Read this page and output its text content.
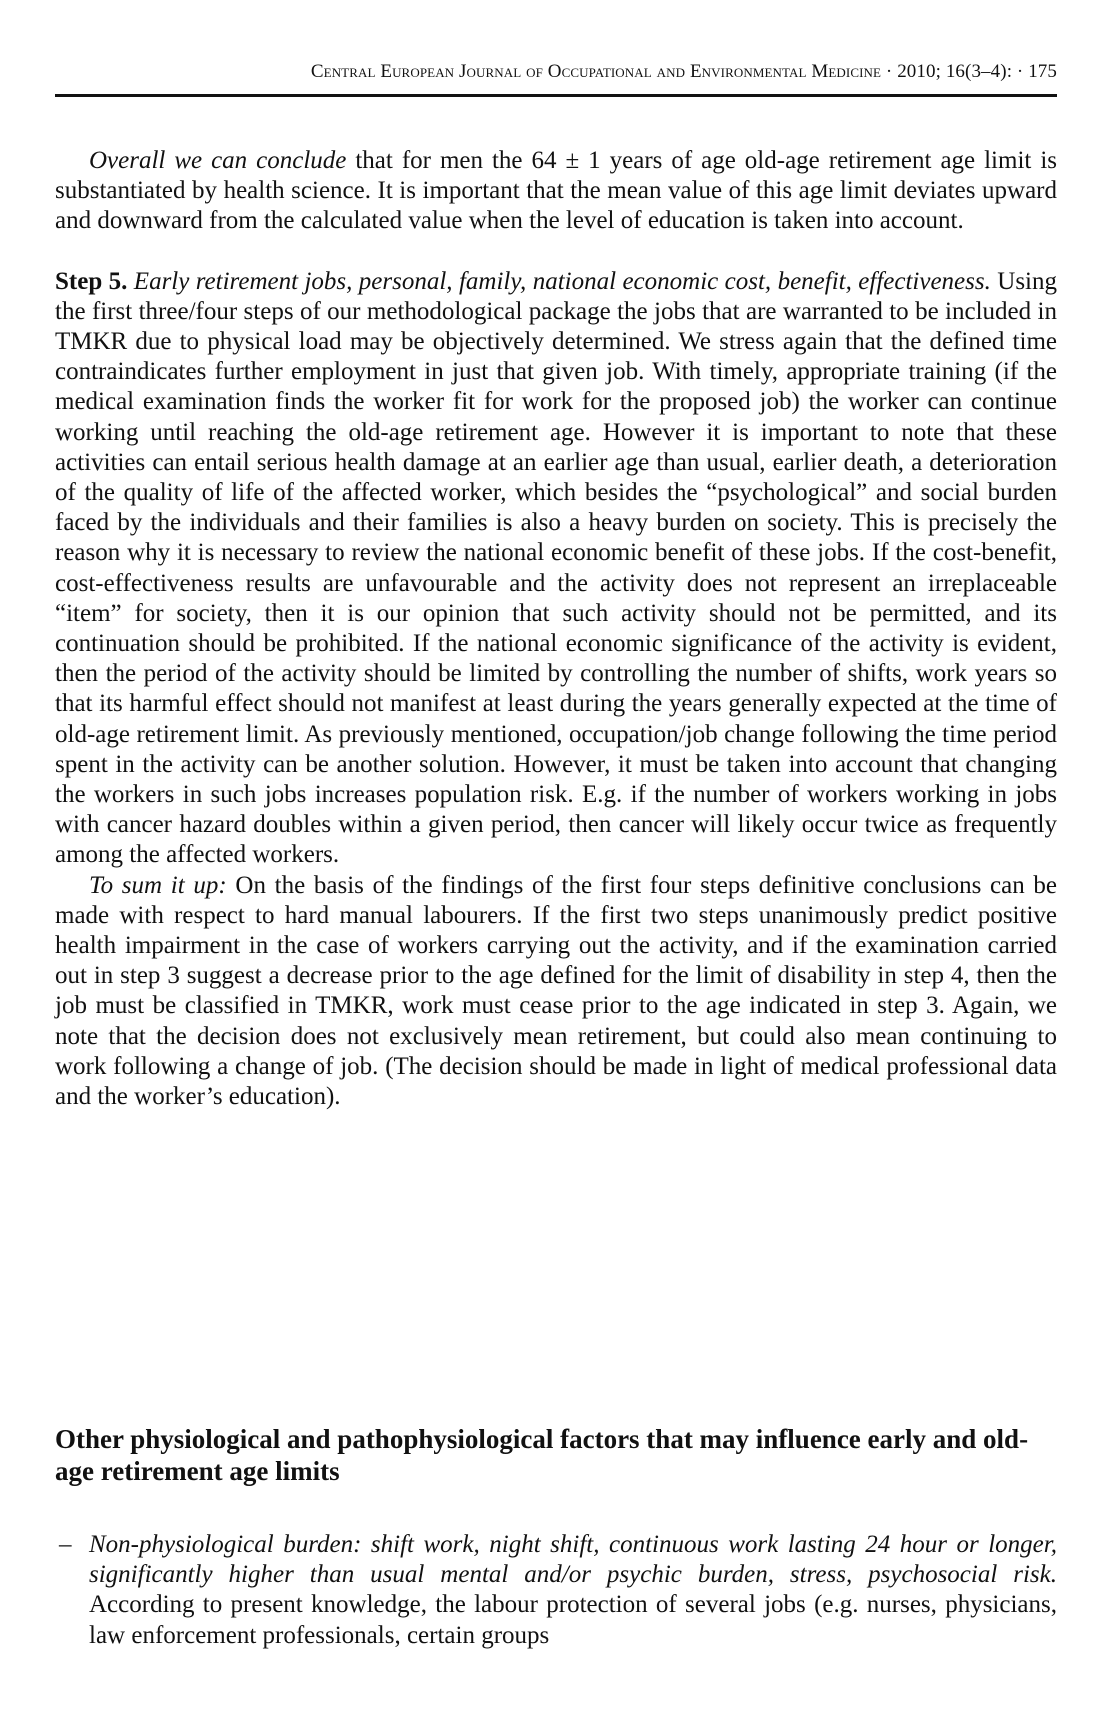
Central European Journal of Occupational and Environmental Medicine · 2010; 16(3–4): · 175

Overall we can conclude that for men the 64 ± 1 years of age old-age retirement age limit is substantiated by health science. It is important that the mean value of this age limit deviates upward and downward from the calculated value when the level of education is taken into account.

Step 5. Early retirement jobs, personal, family, national economic cost, benefit, effectiveness. Using the first three/four steps of our methodological package the jobs that are warranted to be included in TMKR due to physical load may be objectively determined. We stress again that the defined time contraindicates further employment in just that given job. With timely, appropriate training (if the medical examination finds the worker fit for work for the proposed job) the worker can continue working until reaching the old-age retirement age. However it is important to note that these activities can entail serious health damage at an earlier age than usual, earlier death, a deterioration of the quality of life of the affected worker, which besides the “psychological” and social burden faced by the individuals and their families is also a heavy burden on society. This is precisely the reason why it is necessary to review the national economic benefit of these jobs. If the cost-benefit, cost-effectiveness results are unfavourable and the activity does not represent an irreplaceable “item” for society, then it is our opinion that such activity should not be permitted, and its continuation should be prohibited. If the national economic significance of the activity is evident, then the period of the activity should be limited by controlling the number of shifts, work years so that its harmful effect should not manifest at least during the years generally expected at the time of old-age retirement limit. As previously mentioned, occupation/job change following the time period spent in the activity can be another solution. However, it must be taken into account that changing the workers in such jobs increases population risk. E.g. if the number of workers working in jobs with cancer hazard doubles within a given period, then cancer will likely occur twice as frequently among the affected workers.

To sum it up: On the basis of the findings of the first four steps definitive conclusions can be made with respect to hard manual labourers. If the first two steps unanimously predict positive health impairment in the case of workers carrying out the activity, and if the examination carried out in step 3 suggest a decrease prior to the age defined for the limit of disability in step 4, then the job must be classified in TMKR, work must cease prior to the age indicated in step 3. Again, we note that the decision does not exclusively mean retirement, but could also mean continuing to work following a change of job. (The decision should be made in light of medical professional data and the worker’s education).

Other physiological and pathophysiological factors that may influence early and old-age retirement age limits
– Non-physiological burden: shift work, night shift, continuous work lasting 24 hour or longer, significantly higher than usual mental and/or psychic burden, stress, psychosocial risk. According to present knowledge, the labour protection of several jobs (e.g. nurses, physicians, law enforcement professionals, certain groups
